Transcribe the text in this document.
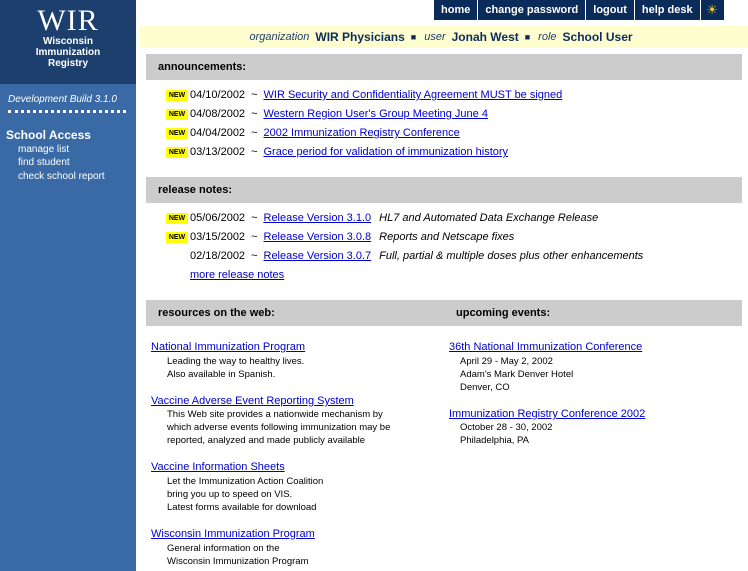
WIR
Wisconsin
Immunization
Registry
Development Build 3.1.0
School Access
manage list
find student
check school report
home	change password	logout	help desk	☀
organization WIR Physicians ■ user Jonah West ■ role School User
announcements:
NEW 04/10/2002 ~ WIR Security and Confidentiality Agreement MUST be signed
NEW 04/08/2002 ~ Western Region User's Group Meeting June 4
NEW 04/04/2002 ~ 2002 Immunization Registry Conference
NEW 03/13/2002 ~ Grace period for validation of immunization history
release notes:
NEW 05/06/2002 ~ Release Version 3.1.0 HL7 and Automated Data Exchange Release
NEW 03/15/2002 ~ Release Version 3.0.8 Reports and Netscape fixes
02/18/2002 ~ Release Version 3.0.7 Full, partial & multiple doses plus other enhancements
more release notes
resources on the web:	upcoming events:
National Immunization Program
Leading the way to healthy lives.
Also available in Spanish.
Vaccine Adverse Event Reporting System
This Web site provides a nationwide mechanism by
which adverse events following immunization may be
reported, analyzed and made publicly available
Vaccine Information Sheets
Let the Immunization Action Coalition
bring you up to speed on VIS.
Latest forms available for download
Wisconsin Immunization Program
General information on the
Wisconsin Immunization Program
36th National Immunization Conference
April 29 - May 2, 2002
Adam's Mark Denver Hotel
Denver, CO
Immunization Registry Conference 2002
October 28 - 30, 2002
Philadelphia, PA
